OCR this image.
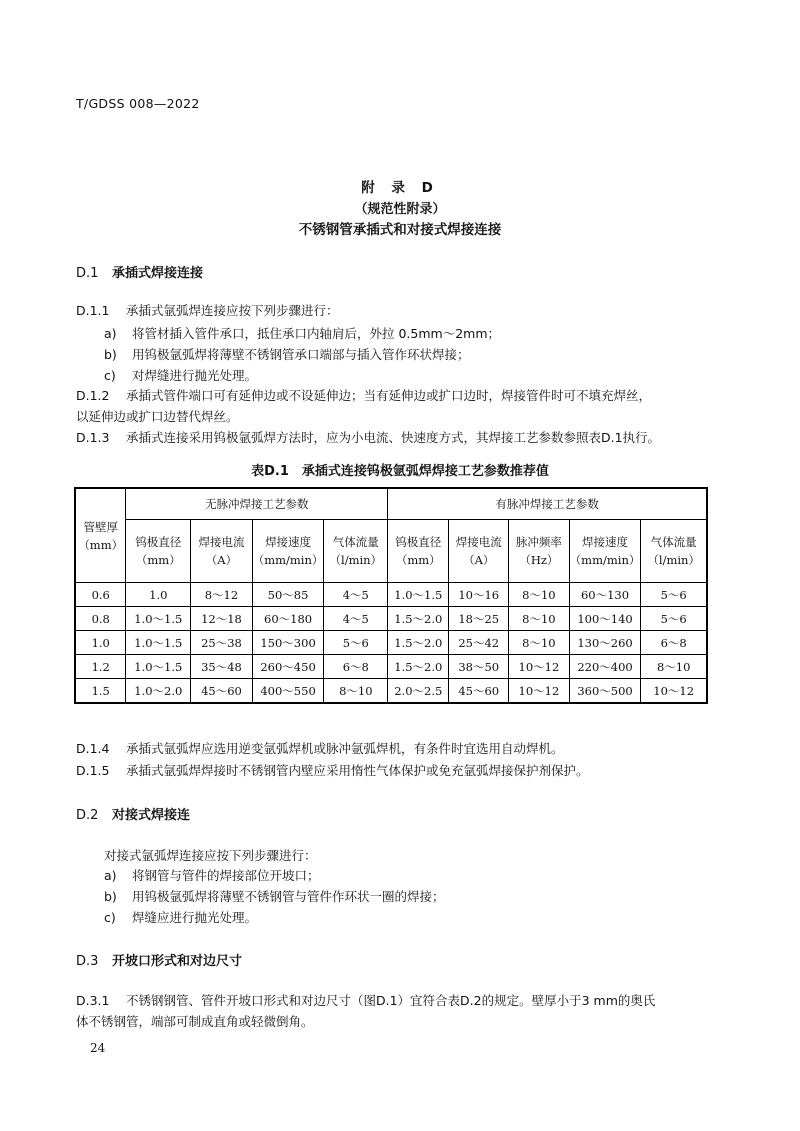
T/GDSS 008—2022
附 录 D
（规范性附录）
不锈钢管承插式和对接式焊接连接
D.1 承插式焊接连接
D.1.1 承插式氩弧焊连接应按下列步骤进行：
a) 将管材插入管件承口，抵住承口内轴肩后，外拉 0.5mm～2mm；
b) 用钨极氩弧焊将薄壁不锈钢管承口端部与插入管作环状焊接；
c) 对焊缝进行抛光处理。
D.1.2 承插式管件端口可有延伸边或不设延伸边；当有延伸边或扩口边时，焊接管件时可不填充焊丝，
以延伸边或扩口边替代焊丝。
D.1.3 承插式连接采用钨极氩弧焊方法时，应为小电流、快速度方式，其焊接工艺参数参照表D.1执行。
表D.1　承插式连接钨极氩弧焊焊接工艺参数推荐值
管壁厚（mm）	无脉冲焊接工艺参数				有脉冲焊接工艺参数				
	钨极直径（mm）	焊接电流（A）	焊接速度（mm/min）	气体流量（l/min）	钨极直径（mm）	焊接电流（A）	脉冲频率（Hz）	焊接速度（mm/min）	气体流量（l/min）
0.6	1.0	8～12	50～85	4～5	1.0～1.5	10～16	8～10	60～130	5～6
0.8	1.0～1.5	12～18	60～180	4～5	1.5～2.0	18～25	8～10	100～140	5～6
1.0	1.0～1.5	25～38	150～300	5～6	1.5～2.0	25～42	8～10	130～260	6～8
1.2	1.0～1.5	35～48	260～450	6～8	1.5～2.0	38～50	10～12	220～400	8～10
1.5	1.0～2.0	45～60	400～550	8～10	2.0～2.5	45～60	10～12	360～500	10～12
D.1.4 承插式氩弧焊应选用逆变氩弧焊机或脉冲氩弧焊机，有条件时宜选用自动焊机。
D.1.5 承插式氩弧焊焊接时不锈钢管内壁应采用惰性气体保护或免充氩弧焊接保护剂保护。
D.2 对接式焊接连
对接式氩弧焊连接应按下列步骤进行：
a) 将钢管与管件的焊接部位开坡口；
b) 用钨极氩弧焊将薄壁不锈钢管与管件作环状一圈的焊接；
c) 焊缝应进行抛光处理。
D.3 开坡口形式和对边尺寸
D.3.1 不锈钢钢管、管件开坡口形式和对边尺寸（图D.1）宜符合表D.2的规定。壁厚小于3 mm的奥氏
体不锈钢管，端部可制成直角或轻微倒角。
24
